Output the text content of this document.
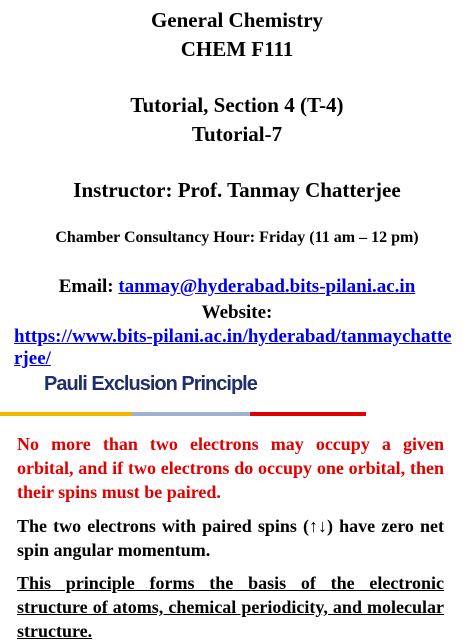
General Chemistry
CHEM F111
Tutorial, Section 4 (T-4)
Tutorial-7
Instructor: Prof. Tanmay Chatterjee
Chamber Consultancy Hour: Friday (11 am – 12 pm)
Email: tanmay@hyderabad.bits-pilani.ac.in
Website:
https://www.bits-pilani.ac.in/hyderabad/tanmaychatterjee/
Pauli Exclusion Principle
No more than two electrons may occupy a given orbital, and if two electrons do occupy one orbital, then their spins must be paired.
The two electrons with paired spins (↑↓) have zero net spin angular momentum.
This principle forms the basis of the electronic structure of atoms, chemical periodicity, and molecular structure.
